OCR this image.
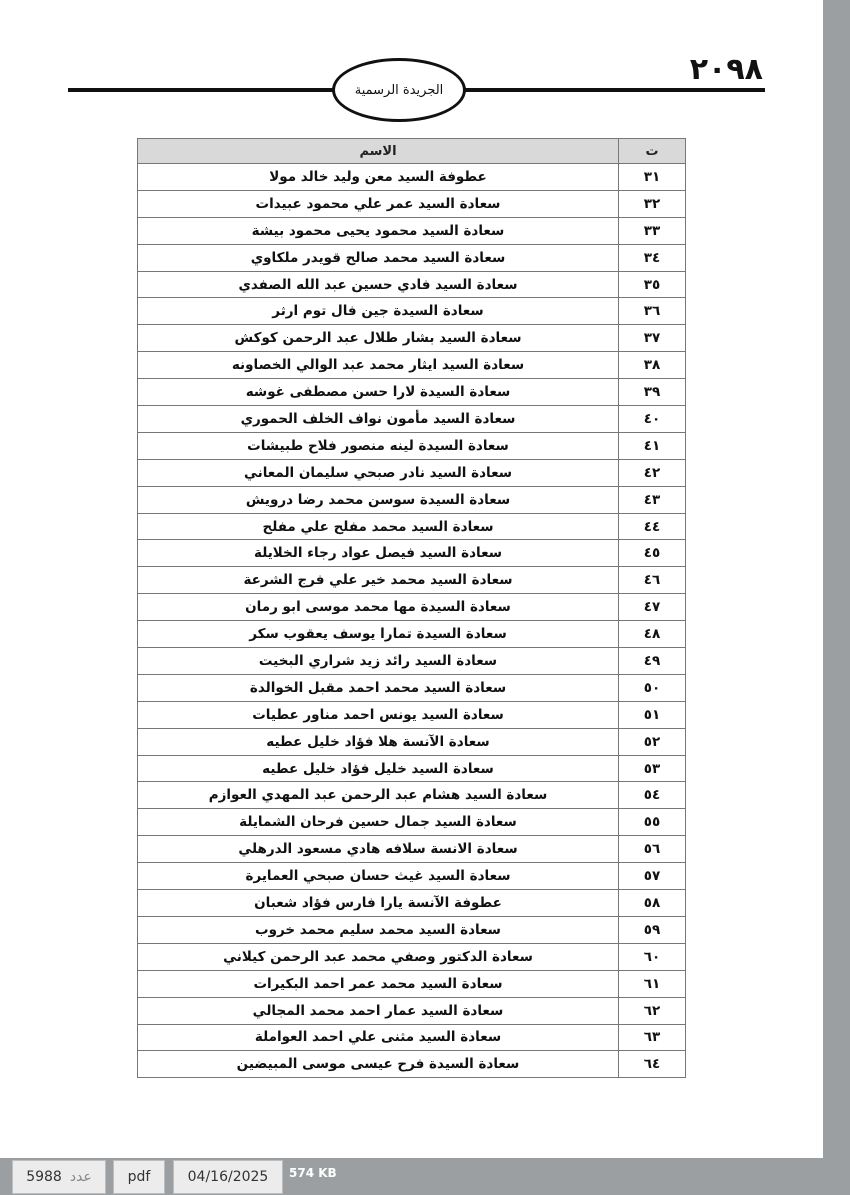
٢٠٩٨
الجريدة الرسمية
ت	الاسم
٣١	عطوفة السيد معن وليد خالد مولا
٣٢	سعادة السيد عمر علي محمود عبيدات
٣٣	سعادة السيد محمود يحيى محمود بيشة
٣٤	سعادة السيد محمد صالح قويدر ملكاوي
٣٥	سعادة السيد فادي حسين عبد الله الصفدي
٣٦	سعادة السيدة جين فال توم ارثر
٣٧	سعادة السيد بشار طلال عبد الرحمن كوكش
٣٨	سعادة السيد ايثار محمد عبد الوالي الخصاونه
٣٩	سعادة السيدة لارا حسن مصطفى غوشه
٤٠	سعادة السيد مأمون نواف الخلف الحموري
٤١	سعادة السيدة لينه منصور فلاح طبيشات
٤٢	سعادة السيد نادر صبحي سليمان المعاني
٤٣	سعادة السيدة سوسن محمد رضا درويش
٤٤	سعادة السيد محمد مفلح علي مفلح
٤٥	سعادة السيد فيصل عواد رجاء الخلايلة
٤٦	سعادة السيد محمد خير علي فرج الشرعة
٤٧	سعادة السيدة مها محمد موسى ابو رمان
٤٨	سعادة السيدة تمارا يوسف يعقوب سكر
٤٩	سعادة السيد رائد زيد شراري البخيت
٥٠	سعادة السيد محمد احمد مقبل الخوالدة
٥١	سعادة السيد يونس احمد مناور عطيات
٥٢	سعادة الآنسة هلا فؤاد خليل عطيه
٥٣	سعادة السيد خليل فؤاد خليل عطيه
٥٤	سعادة السيد هشام عبد الرحمن عبد المهدي العوازم
٥٥	سعادة السيد جمال حسين فرحان الشمايلة
٥٦	سعادة الانسة سلافه هادي مسعود الدرهلي
٥٧	سعادة السيد غيث حسان صبحي العمايرة
٥٨	عطوفة الآنسة يارا فارس فؤاد شعبان
٥٩	سعادة السيد محمد سليم محمد خروب
٦٠	سعادة الدكتور وصفي محمد عبد الرحمن كيلاني
٦١	سعادة السيد محمد عمر احمد البكيرات
٦٢	سعادة السيد عمار احمد محمد المجالي
٦٣	سعادة السيد مثنى علي احمد العواملة
٦٤	سعادة السيدة فرح عيسى موسى المبيضين
5988 عدد	pdf	04/16/2025 574 KB
